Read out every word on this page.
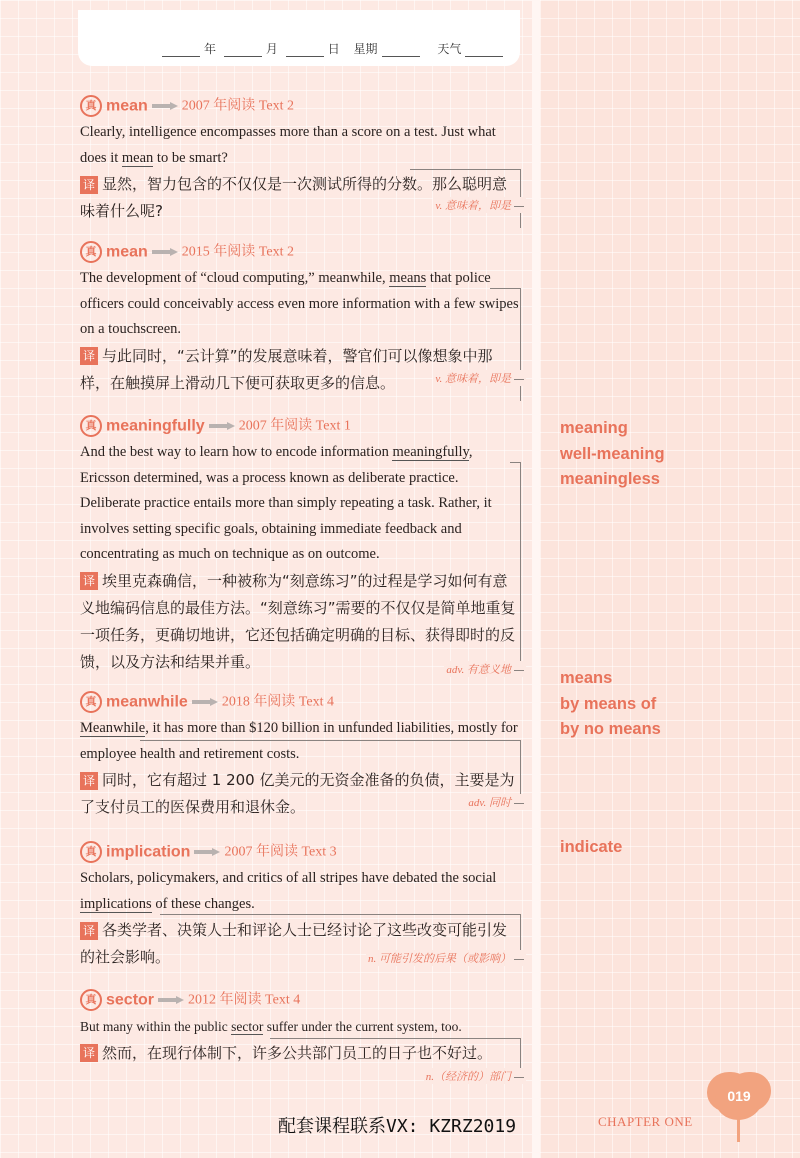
年	月	日 星期	天气
真 mean 2007 年阅读 Text 2
Clearly, intelligence encompasses more than a score on a test. Just what does it mean to be smart?
译 显然，智力包含的不仅仅是一次测试所得的分数。那么聪明意味着什么呢?	v. 意味着，即是
真 mean 2015 年阅读 Text 2
The development of “cloud computing,” meanwhile, means that police officers could conceivably access even more information with a few swipes on a touchscreen.
译 与此同时，“云计算”的发展意味着，警官们可以像想象中那样，在触摸屏上滑动几下便可获取更多的信息。	v. 意味着，即是
真 meaningfully 2007 年阅读 Text 1
And the best way to learn how to encode information meaningfully, Ericsson determined, was a process known as deliberate practice. Deliberate practice entails more than simply repeating a task. Rather, it involves setting specific goals, obtaining immediate feedback and concentrating as much on technique as on outcome.
译 埃里克森确信，一种被称为“刻意练习”的过程是学习如何有意义地编码信息的最佳方法。“刻意练习”需要的不仅仅是简单地重复一项任务，更确切地讲，它还包括确定明确的目标、获得即时的反馈，以及方法和结果并重。	adv. 有意义地
真 meanwhile 2018 年阅读 Text 4
Meanwhile, it has more than $120 billion in unfunded liabilities, mostly for employee health and retirement costs.
译 同时，它有超过 1 200 亿美元的无资金准备的负债，主要是为了支付员工的医保费用和退休金。	adv. 同时
真 implication 2007 年阅读 Text 3
Scholars, policymakers, and critics of all stripes have debated the social implications of these changes.
译 各类学者、决策人士和评论人士已经讨论了这些改变可能引发的社会影响。	n. 可能引发的后果（或影响）
真 sector 2012 年阅读 Text 4
But many within the public sector suffer under the current system, too.
译 然而，在现行体制下，许多公共部门员工的日子也不好过。
n.（经济的）部门
meaning
well-meaning
meaningless
means
by means of
by no means
indicate
配套课程联系VX: KZRZ2019	CHAPTER ONE
019
